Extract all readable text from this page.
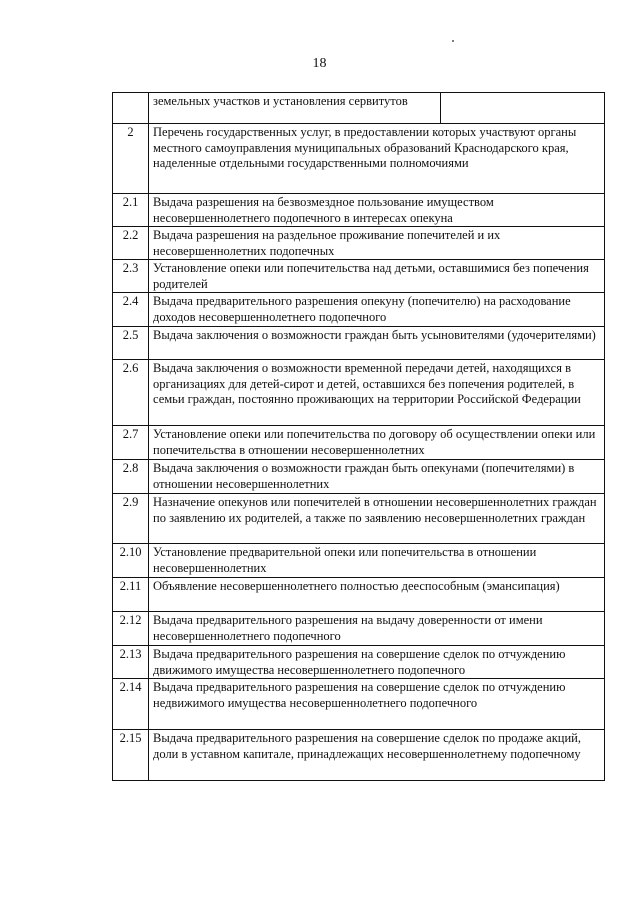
18
земельных участков и установления сервитутов
2	Перечень государственных услуг, в предоставлении которых участвуют органы местного самоуправления муниципальных образований Краснодарского края, наделенные отдельными государственными полномочиями
2.1	Выдача разрешения на безвозмездное пользование имуществом несовершеннолетнего подопечного в интересах опекуна
2.2	Выдача разрешения на раздельное проживание попечителей и их несовершеннолетних подопечных
2.3	Установление опеки или попечительства над детьми, оставшимися без попечения родителей
2.4	Выдача предварительного разрешения опекуну (попечителю) на расходование доходов несовершеннолетнего подопечного
2.5	Выдача заключения о возможности граждан быть усыновителями (удочерителями)
2.6	Выдача заключения о возможности временной передачи детей, находящихся в организациях для детей-сирот и детей, оставшихся без попечения родителей, в семьи граждан, постоянно проживающих на территории Российской Федерации
2.7	Установление опеки или попечительства по договору об осуществлении опеки или попечительства в отношении несовершеннолетних
2.8	Выдача заключения о возможности граждан быть опекунами (попечителями) в отношении несовершеннолетних
2.9	Назначение опекунов или попечителей в отношении несовершеннолетних граждан по заявлению их родителей, а также по заявлению несовершеннолетних граждан
2.10 Установление предварительной опеки или попечительства в отношении несовершеннолетних
2.11 Объявление несовершеннолетнего полностью дееспособным (эмансипация)
2.12 Выдача предварительного разрешения на выдачу доверенности от имени несовершеннолетнего подопечного
2.13 Выдача предварительного разрешения на совершение сделок по отчуждению движимого имущества несовершеннолетнего подопечного
2.14 Выдача предварительного разрешения на совершение сделок по отчуждению недвижимого имущества несовершеннолетнего подопечного
2.15 Выдача предварительного разрешения на совершение сделок по продаже акций, доли в уставном капитале, принадлежащих несовершеннолетнему подопечному
